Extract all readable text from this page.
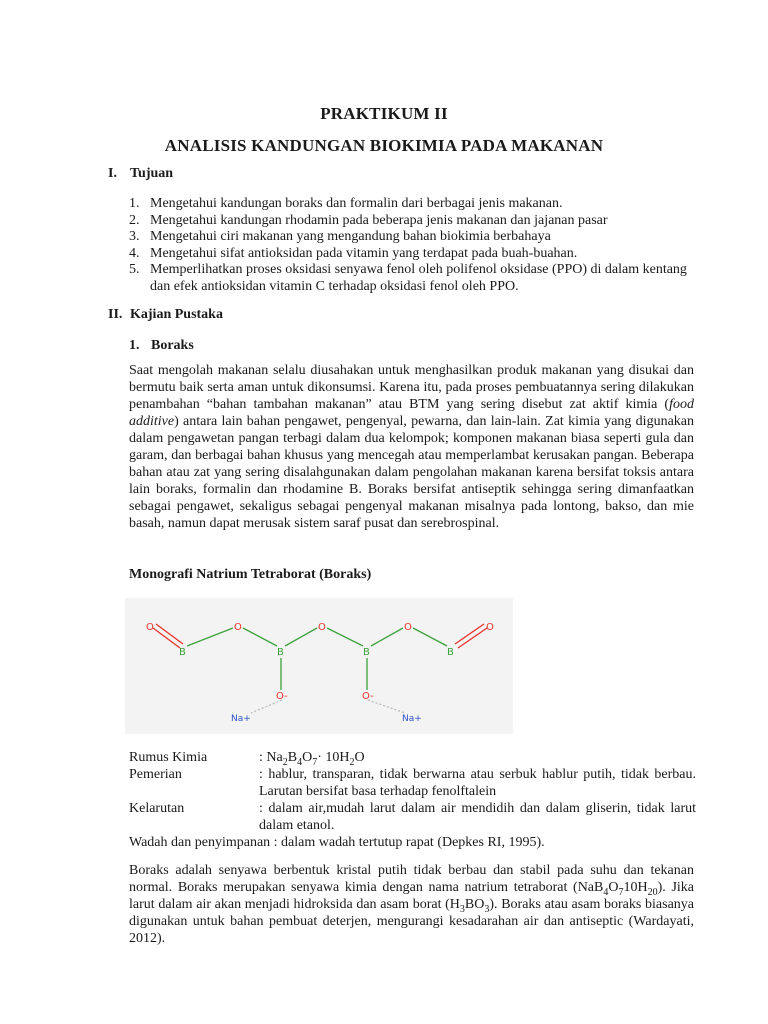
PRAKTIKUM II
ANALISIS KANDUNGAN BIOKIMIA PADA MAKANAN
I. Tujuan
1. Mengetahui kandungan boraks dan formalin dari berbagai jenis makanan.
2. Mengetahui kandungan rhodamin pada beberapa jenis makanan dan jajanan pasar
3. Mengetahui ciri makanan yang mengandung bahan biokimia berbahaya
4. Mengetahui sifat antioksidan pada vitamin yang terdapat pada buah-buahan.
5. Memperlihatkan proses oksidasi senyawa fenol oleh polifenol oksidase (PPO) di dalam kentang dan efek antioksidan vitamin C terhadap oksidasi fenol oleh PPO.
II. Kajian Pustaka
1. Boraks
Saat mengolah makanan selalu diusahakan untuk menghasilkan produk makanan yang disukai dan bermutu baik serta aman untuk dikonsumsi. Karena itu, pada proses pembuatannya sering dilakukan penambahan “bahan tambahan makanan” atau BTM yang sering disebut zat aktif kimia (food additive) antara lain bahan pengawet, pengenyal, pewarna, dan lain-lain. Zat kimia yang digunakan dalam pengawetan pangan terbagi dalam dua kelompok; komponen makanan biasa seperti gula dan garam, dan berbagai bahan khusus yang mencegah atau memperlambat kerusakan pangan. Beberapa bahan atau zat yang sering disalahgunakan dalam pengolahan makanan karena bersifat toksis antara lain boraks, formalin dan rhodamine B. Boraks bersifat antiseptik sehingga sering dimanfaatkan sebagai pengawet, sekaligus sebagai pengenyal makanan misalnya pada lontong, bakso, dan mie basah, namun dapat merusak sistem saraf pusat dan serebrospinal.
Monografi Natrium Tetraborat (Boraks)
O
B
O
B
O
B
O
B
O
O-	O-
Na+	Na+
Rumus Kimia	: $Na_2B_4O_7\cdot 10H_2O$
Pemerian	: hablur, transparan, tidak berwarna atau serbuk hablur putih, tidak berbau. Larutan bersifat basa terhadap fenolftalein
Kelarutan	: dalam air,mudah larut dalam air mendidih dan dalam gliserin, tidak larut dalam etanol.
Wadah dan penyimpanan : dalam wadah tertutup rapat (Depkes RI, 1995).
Boraks adalah senyawa berbentuk kristal putih tidak berbau dan stabil pada suhu dan tekanan normal. Boraks merupakan senyawa kimia dengan nama natrium tetraborat $(NaB_4O_710H_{20})$. Jika larut dalam air akan menjadi hidroksida dan asam borat $(H_3BO_3)$. Boraks atau asam boraks biasanya digunakan untuk bahan pembuat deterjen, mengurangi kesadarahan air dan antiseptic (Wardayati, 2012).
